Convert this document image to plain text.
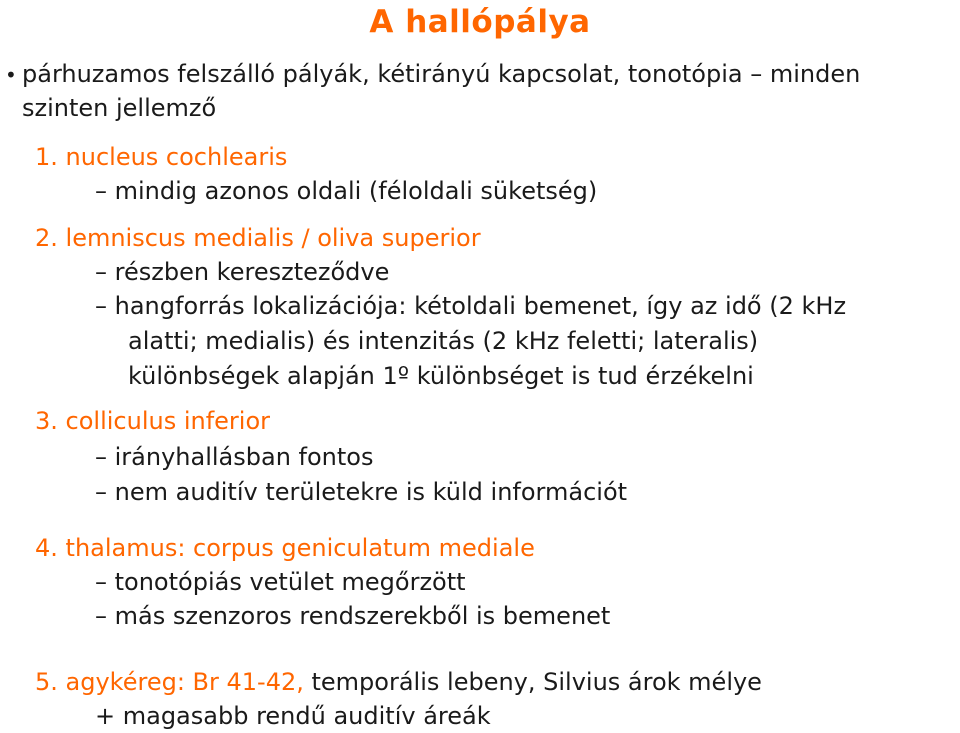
A hallópálya
• párhuzamos felszálló pályák, kétirányú kapcsolat, tonotópia – minden
szinten jellemző
1. nucleus cochlearis
– mindig azonos oldali (féloldali süketség)
2. lemniscus medialis / oliva superior
– részben kereszteződve
– hangforrás lokalizációja: kétoldali bemenet, így az idő (2 kHz
alatti; medialis) és intenzitás (2 kHz feletti; lateralis)
különbségek alapján 1º különbséget is tud érzékelni
3. colliculus inferior
– irányhallásban fontos
– nem auditív területekre is küld információt
4. thalamus: corpus geniculatum mediale
– tonotópiás vetület megőrzött
– más szenzoros rendszerekből is bemenet
5. agykéreg: Br 41-42, temporális lebeny, Silvius árok mélye
+ magasabb rendű auditív áreák
